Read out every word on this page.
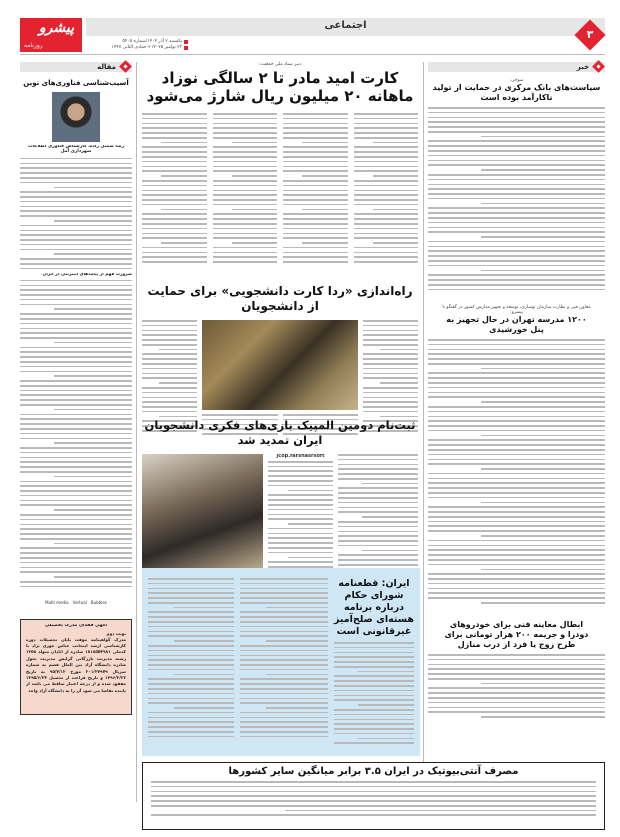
پیشرو
روزنامه
اجتماعی
یکشنبه ۲ آذر ۱۴۰۴/شماره ۵۴۰۵
۲۳ نوامبر ۲۰۲۵/ ۲ جمادی الثانی ۱۴۴۷
۳
خبر
سوخی:
سیاست‌های بانک مرکزی در حمایت از تولید ناکارآمد بوده است
معاون فنی و نظارت سازمان نوسازی، توسعه و تجهیز مدارس کشور در گفتگو با پیشرو:
۱۲۰۰ مدرسه تهران در حال تجهیز به پنل خورشیدی
ابطال معاینه فنی برای خودروهای دودزا و جریمه ۲۰۰ هزار تومانی برای طرح زوج یا فرد از درب منازل
دبیر ستاد ملی جمعیت:
کارت امید مادر تا ۲ سالگی نوزاد ماهانه ۲۰ میلیون ریال شارژ می‌شود
راه‌اندازی «ردا کارت دانشجویی» برای حمایت از دانشجویان
ثبت‌نام دومین المپیک بازی‌های فکری دانشجویان ایران تمدید شد
jcop.farsnasrsoft
ایران: قطعنامه شورای حکام درباره برنامه هسته‌ای صلح‌آمیز غیرقانونی است
مصرف آنتی‌بیوتیک در ایران ۳.۵ برابر میانگین سایر کشورها
مقاله
آسیب‌شناسی فناوری‌های نوین
رضا شمیل زاده، کارشناس فناوری اطلاعات شهرداری آمل
ضرورت فهم از پیامدهای اینترنتی در ایران
Multi media Vertual Bubbles
آگهی فقدان مدرک تحصیلی
نوبت دوم
مدرک گواهینامه موقت پایان تحصیلات دوره کارشناسی ارشد اینجانب عباس حوری نژاد با کدملی ۱۸۱۸۵۵۴۹۸۱ صادره از ابادان متولد ۱۳۵۸ رشته مدیریت بازرگانی گرایش مدیریت تحول صادره دانشگاه آزاد بین الملل قشم به شماره سریال ۲۰۱/۳۷۹۷۹ مورخ ۹۵/۷/۱۲ به تاریخ ۱۳۹۶/۳/۲۲ و تاریخ فراغت از تحصیل ۱۳۹۵/۶/۲۴ مفقود شده و از درجه اعتبار ساقط می باشد از یابنده تقاضا می شود آن را به دانشگاه آزاد واحد
